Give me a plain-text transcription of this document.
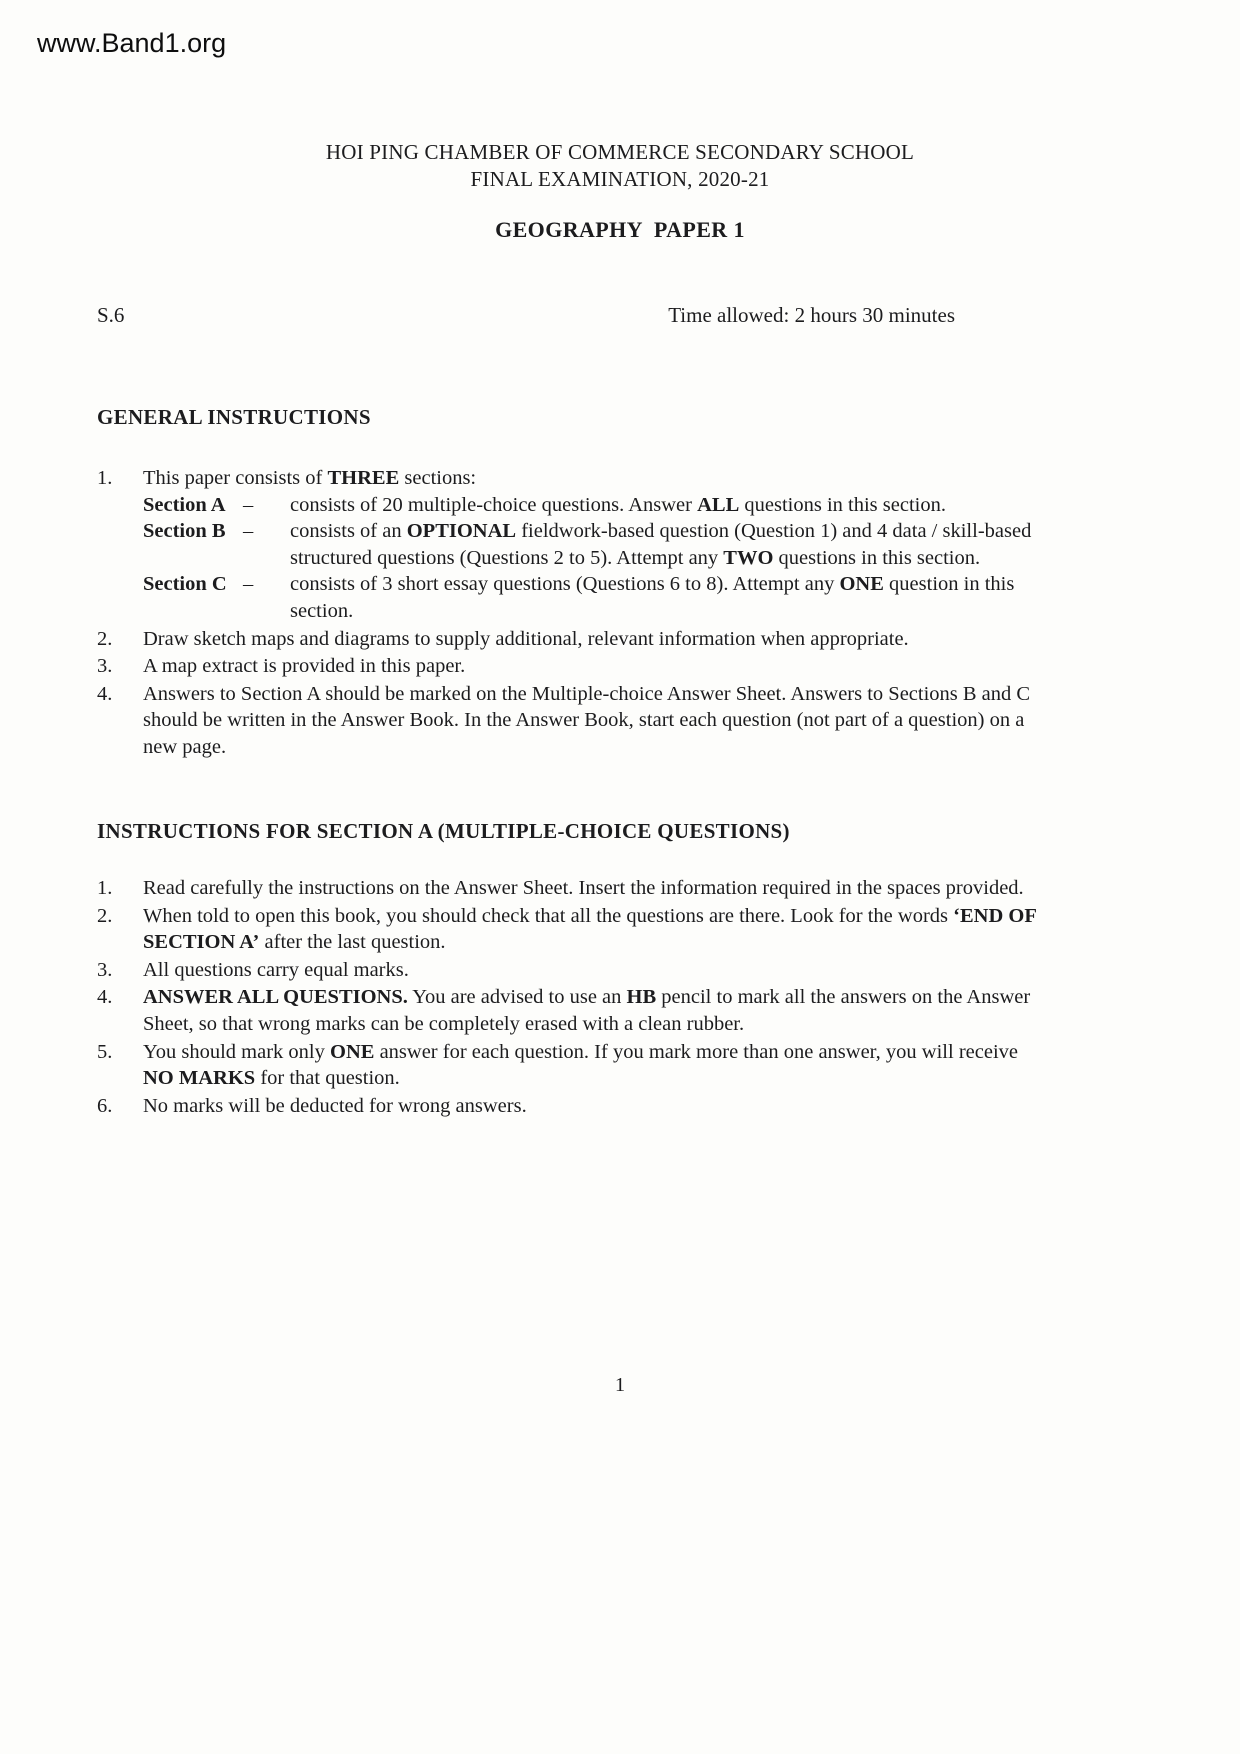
www.Band1.org
HOI PING CHAMBER OF COMMERCE SECONDARY SCHOOL
FINAL EXAMINATION, 2020-21
GEOGRAPHY  PAPER 1
S.6	Time allowed: 2 hours 30 minutes
GENERAL INSTRUCTIONS
1.	This paper consists of THREE sections:
Section A –	consists of 20 multiple-choice questions. Answer ALL questions in this section.
Section B –	consists of an OPTIONAL fieldwork-based question (Question 1) and 4 data / skill-based structured questions (Questions 2 to 5). Attempt any TWO questions in this section.
Section C –	consists of 3 short essay questions (Questions 6 to 8). Attempt any ONE question in this section.
2.	Draw sketch maps and diagrams to supply additional, relevant information when appropriate.
3.	A map extract is provided in this paper.
4.	Answers to Section A should be marked on the Multiple-choice Answer Sheet. Answers to Sections B and C should be written in the Answer Book. In the Answer Book, start each question (not part of a question) on a new page.
INSTRUCTIONS FOR SECTION A (MULTIPLE-CHOICE QUESTIONS)
1.	Read carefully the instructions on the Answer Sheet. Insert the information required in the spaces provided.
2.	When told to open this book, you should check that all the questions are there. Look for the words ‘END OF SECTION A’ after the last question.
3.	All questions carry equal marks.
4.	ANSWER ALL QUESTIONS. You are advised to use an HB pencil to mark all the answers on the Answer Sheet, so that wrong marks can be completely erased with a clean rubber.
5.	You should mark only ONE answer for each question. If you mark more than one answer, you will receive NO MARKS for that question.
6.	No marks will be deducted for wrong answers.
1
